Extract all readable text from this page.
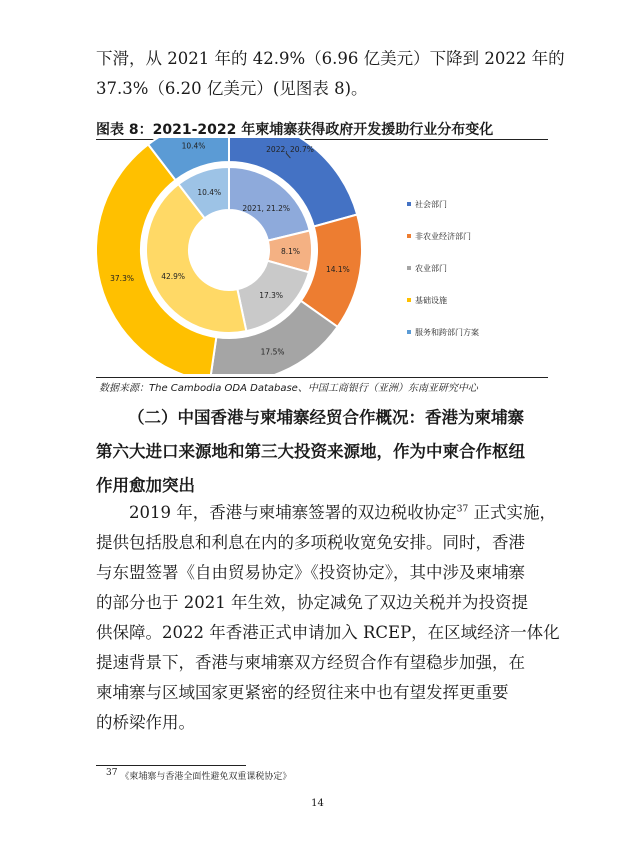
下滑，从 2021 年的 42.9%（6.96 亿美元）下降到 2022 年的
37.3%（6.20 亿美元）(见图表 8)。

图表 8：2021-2022 年柬埔寨获得政府开发援助行业分布变化
2021, 21.2%
8.1%
17.3%
42.9%
10.4%
2022, 20.7%
14.1%
17.5%
37.3%
10.4%
社会部门
非农业经济部门
农业部门
基础设施
服务和跨部门方案
数据来源：The Cambodia ODA Database、中国工商银行（亚洲）东南亚研究中心
（二）中国香港与柬埔寨经贸合作概况：香港为柬埔寨
第六大进口来源地和第三大投资来源地，作为中柬合作枢纽
作用愈加突出

2019 年，香港与柬埔寨签署的双边税收协定$^{37}$ 正式实施，
提供包括股息和利息在内的多项税收宽免安排。同时，香港
与东盟签署《自由贸易协定》《投资协定》，其中涉及柬埔寨
的部分也于 2021 年生效，协定减免了双边关税并为投资提
供保障。2022 年香港正式申请加入 RCEP，在区域经济一体化
提速背景下，香港与柬埔寨双方经贸合作有望稳步加强，在
柬埔寨与区域国家更紧密的经贸往来中也有望发挥更重要
的桥梁作用。

37 《柬埔寨与香港全面性避免双重课税协定》
14
